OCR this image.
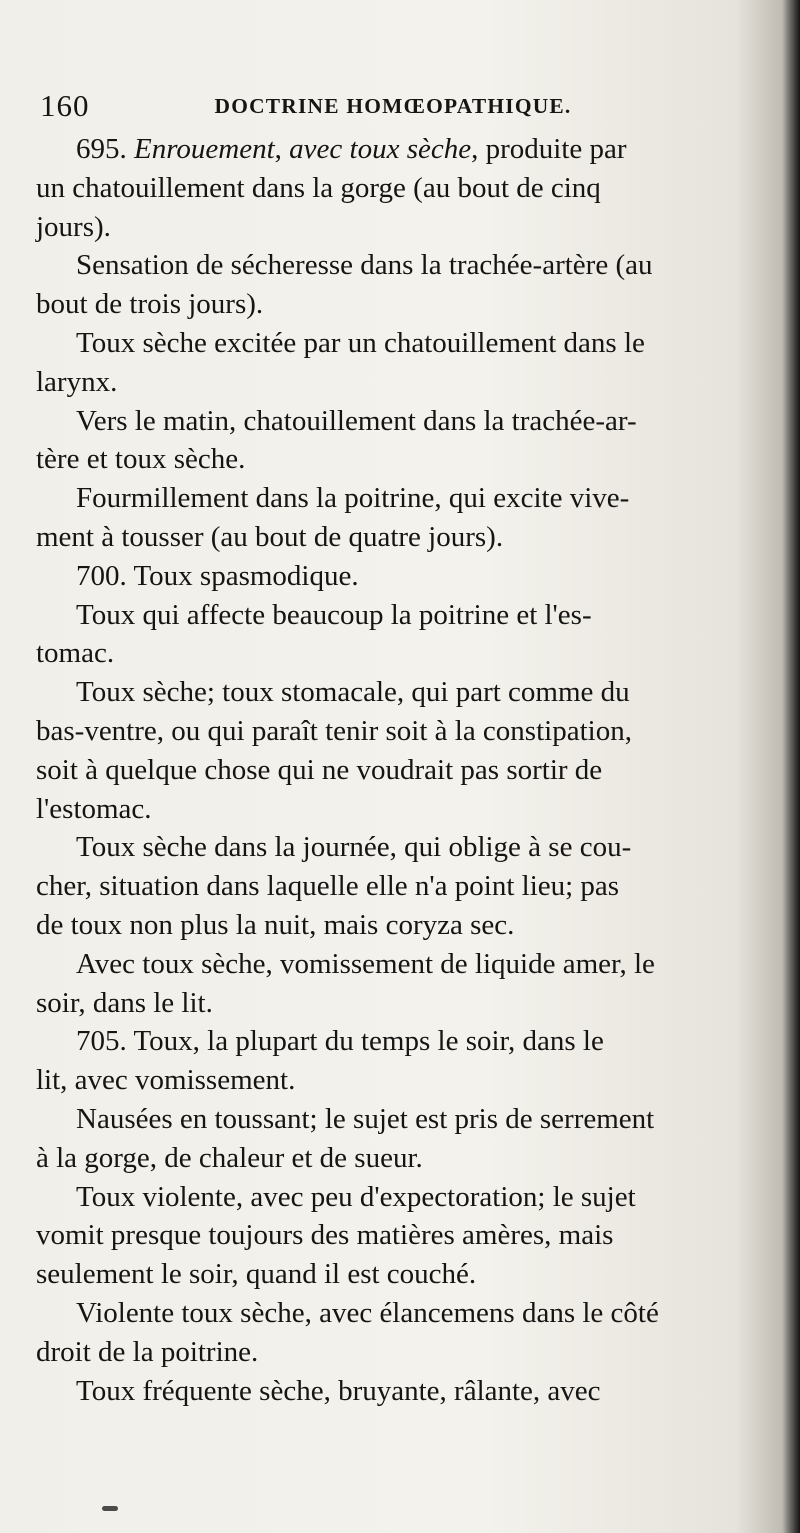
160	DOCTRINE HOMŒOPATHIQUE.
695. Enrouement, avec toux sèche, produite par
un chatouillement dans la gorge (au bout de cinq
jours).
Sensation de sécheresse dans la trachée-artère (au
bout de trois jours).
Toux sèche excitée par un chatouillement dans le
larynx.
Vers le matin, chatouillement dans la trachée-ar-
tère et toux sèche.
Fourmillement dans la poitrine, qui excite vive-
ment à tousser (au bout de quatre jours).
700. Toux spasmodique.
Toux qui affecte beaucoup la poitrine et l'es-
tomac.
Toux sèche; toux stomacale, qui part comme du
bas-ventre, ou qui paraît tenir soit à la constipation,
soit à quelque chose qui ne voudrait pas sortir de
l'estomac.
Toux sèche dans la journée, qui oblige à se cou-
cher, situation dans laquelle elle n'a point lieu; pas
de toux non plus la nuit, mais coryza sec.
Avec toux sèche, vomissement de liquide amer, le
soir, dans le lit.
705. Toux, la plupart du temps le soir, dans le
lit, avec vomissement.
Nausées en toussant; le sujet est pris de serrement
à la gorge, de chaleur et de sueur.
Toux violente, avec peu d'expectoration; le sujet
vomit presque toujours des matières amères, mais
seulement le soir, quand il est couché.
Violente toux sèche, avec élancemens dans le côté
droit de la poitrine.
Toux fréquente sèche, bruyante, râlante, avec
